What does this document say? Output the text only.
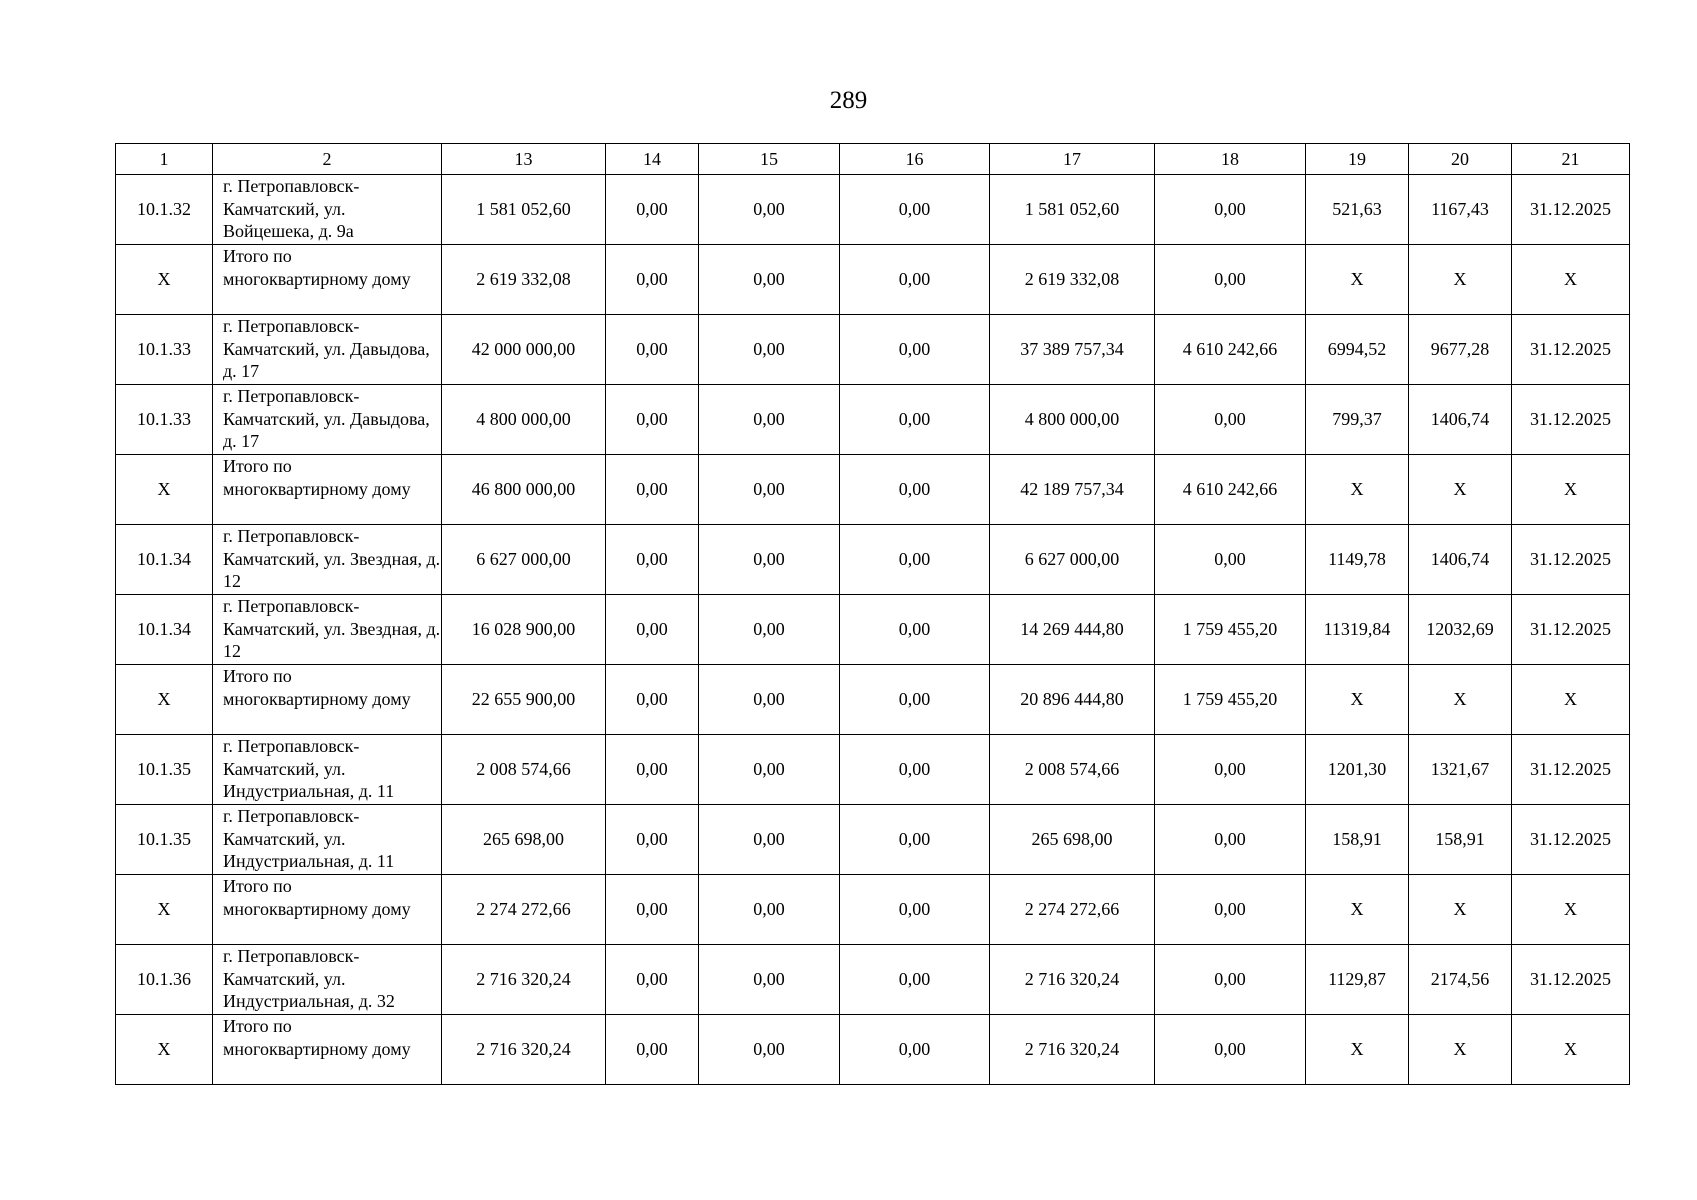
289
1	2	13	14	15	16	17	18	19	20	21
10.1.32	г. Петропавловск-Камчатский, ул. Войцешека, д. 9а	1 581 052,60	0,00	0,00	0,00	1 581 052,60	0,00	521,63	1167,43	31.12.2025
Х	Итого по многоквартирному дому	2 619 332,08	0,00	0,00	0,00	2 619 332,08	0,00	Х	Х	Х
10.1.33	г. Петропавловск-Камчатский, ул. Давыдова, д. 17	42 000 000,00	0,00	0,00	0,00	37 389 757,34	4 610 242,66	6994,52	9677,28	31.12.2025
10.1.33	г. Петропавловск-Камчатский, ул. Давыдова, д. 17	4 800 000,00	0,00	0,00	0,00	4 800 000,00	0,00	799,37	1406,74	31.12.2025
Х	Итого по многоквартирному дому	46 800 000,00	0,00	0,00	0,00	42 189 757,34	4 610 242,66	Х	Х	Х
10.1.34	г. Петропавловск-Камчатский, ул. Звездная, д. 12	6 627 000,00	0,00	0,00	0,00	6 627 000,00	0,00	1149,78	1406,74	31.12.2025
10.1.34	г. Петропавловск-Камчатский, ул. Звездная, д. 12	16 028 900,00	0,00	0,00	0,00	14 269 444,80	1 759 455,20	11319,84	12032,69	31.12.2025
Х	Итого по многоквартирному дому	22 655 900,00	0,00	0,00	0,00	20 896 444,80	1 759 455,20	Х	Х	Х
10.1.35	г. Петропавловск-Камчатский, ул. Индустриальная, д. 11	2 008 574,66	0,00	0,00	0,00	2 008 574,66	0,00	1201,30	1321,67	31.12.2025
10.1.35	г. Петропавловск-Камчатский, ул. Индустриальная, д. 11	265 698,00	0,00	0,00	0,00	265 698,00	0,00	158,91	158,91	31.12.2025
Х	Итого по многоквартирному дому	2 274 272,66	0,00	0,00	0,00	2 274 272,66	0,00	Х	Х	Х
10.1.36	г. Петропавловск-Камчатский, ул. Индустриальная, д. 32	2 716 320,24	0,00	0,00	0,00	2 716 320,24	0,00	1129,87	2174,56	31.12.2025
Х	Итого по многоквартирному дому	2 716 320,24	0,00	0,00	0,00	2 716 320,24	0,00	Х	Х	Х
